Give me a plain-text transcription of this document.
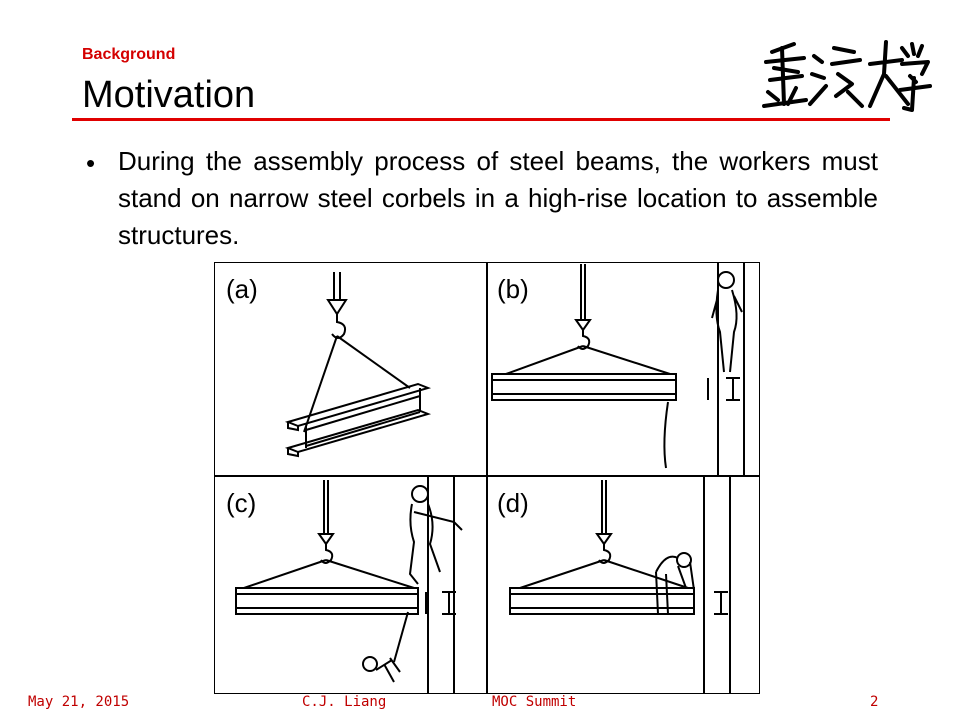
Background
Motivation
• During the assembly process of steel beams, the workers must stand on narrow steel corbels in a high-rise location to assemble structures.
(a)	(b)
(c)	(d)
May 21, 2015	C.J. Liang	MOC Summit	2
